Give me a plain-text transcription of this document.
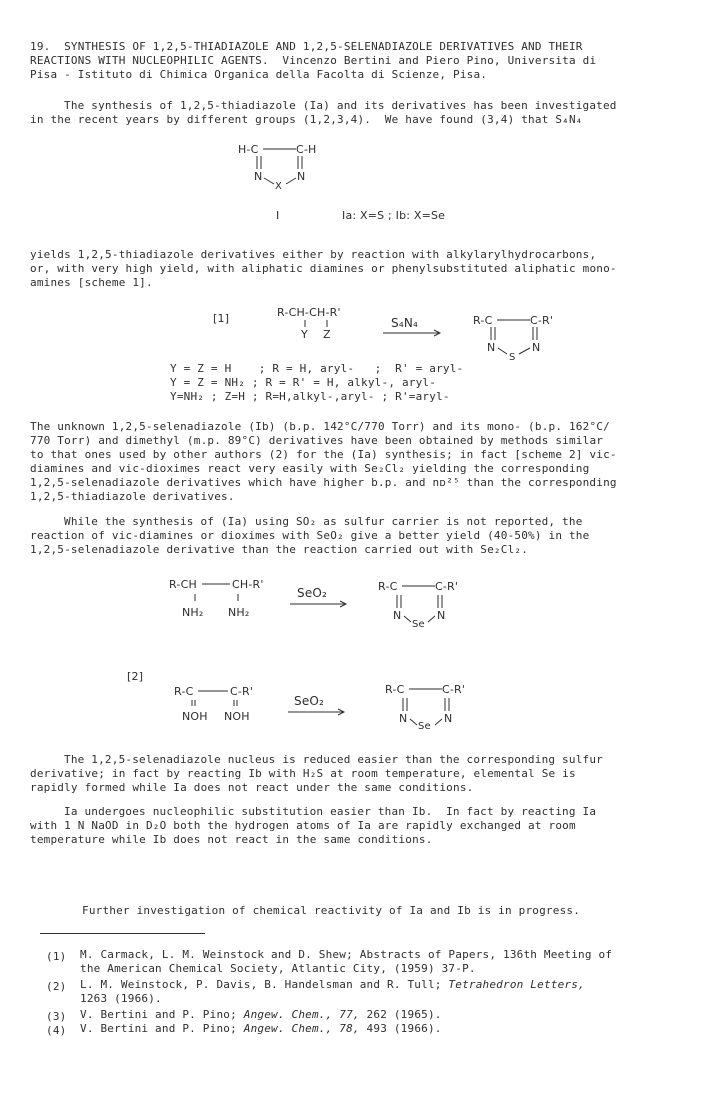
19.  SYNTHESIS OF 1,2,5-THIADIAZOLE AND 1,2,5-SELENADIAZOLE DERIVATIVES AND THEIR
REACTIONS WITH NUCLEOPHILIC AGENTS.  Vincenzo Bertini and Piero Pino, Universita di
Pisa - Istituto di Chimica Organica della Facolta di Scienze, Pisa.
The synthesis of 1,2,5-thiadiazole (Ia) and its derivatives has been investigated
in the recent years by different groups (1,2,3,4).  We have found (3,4) that S₄N₄
H-C	C-H
N	N
X
I	Ia: X=S ; Ib: X=Se
yields 1,2,5-thiadiazole derivatives either by reaction with alkylarylhydrocarbons,
or, with very high yield, with aliphatic diamines or phenylsubstituted aliphatic mono-
amines [scheme 1].
[1]	R-CH-CH-R'
Y Z
S₄N₄	R-C	C-R'
N	N
S
Y = Z = H    ; R = H, aryl-   ;  R' = aryl-
Y = Z = NH₂ ; R = R' = H, alkyl-, aryl-
Y=NH₂ ; Z=H ; R=H,alkyl-,aryl- ; R'=aryl-
The unknown 1,2,5-selenadiazole (Ib) (b.p. 142°C/770 Torr) and its mono- (b.p. 162°C/
770 Torr) and dimethyl (m.p. 89°C) derivatives have been obtained by methods similar
to that ones used by other authors (2) for the (Ia) synthesis; in fact [scheme 2] vic-
diamines and vic-dioximes react very easily with Se₂Cl₂ yielding the corresponding
1,2,5-selenadiazole derivatives which have higher b.p. and nᴅ²⁵ than the corresponding
1,2,5-thiadiazole derivatives.
While the synthesis of (Ia) using SO₂ as sulfur carrier is not reported, the
reaction of vic-diamines or dioximes with SeO₂ give a better yield (40-50%) in the
1,2,5-selenadiazole derivative than the reaction carried out with Se₂Cl₂.
R-CH	CH-R'
NH₂ NH₂
SeO₂	R-C	C-R'
N	N
Se
[2]
R-C	C-R'
NOH NOH
SeO₂
R-C	C-R'
N	N
Se
The 1,2,5-selenadiazole nucleus is reduced easier than the corresponding sulfur
derivative; in fact by reacting Ib with H₂S at room temperature, elemental Se is
rapidly formed while Ia does not react under the same conditions.
Ia undergoes nucleophilic substitution easier than Ib.  In fact by reacting Ia
with 1 N NaOD in D₂O both the hydrogen atoms of Ia are rapidly exchanged at room
temperature while Ib does not react in the same conditions.
Further investigation of chemical reactivity of Ia and Ib is in progress.
(1) M. Carmack, L. M. Weinstock and D. Shew; Abstracts of Papers, 136th Meeting of
the American Chemical Society, Atlantic City, (1959) 37-P.
(2) L. M. Weinstock, P. Davis, B. Handelsman and R. Tull; Tetrahedron Letters,
1263 (1966).
(3) V. Bertini and P. Pino; Angew. Chem., 77, 262 (1965).
(4) V. Bertini and P. Pino; Angew. Chem., 78, 493 (1966).
